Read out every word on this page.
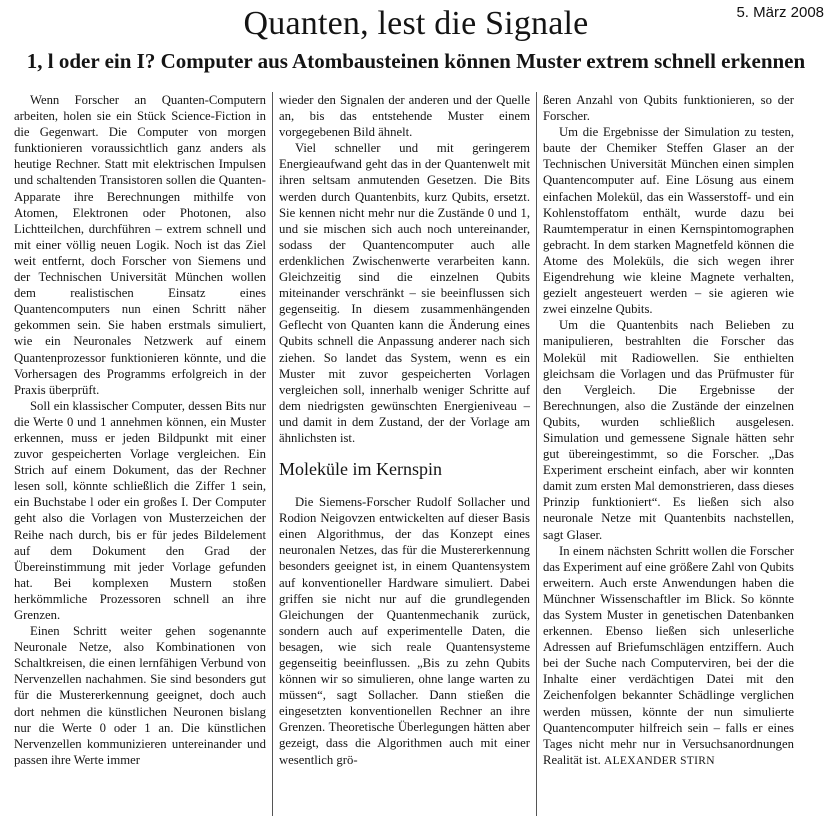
5. März 2008
Quanten, lest die Signale
1, l oder ein I? Computer aus Atombausteinen können Muster extrem schnell erkennen

Wenn Forscher an Quanten-Computern arbeiten, holen sie ein Stück Science-Fiction in die Gegenwart. Die Computer von morgen funktionieren voraussichtlich ganz anders als heutige Rechner. Statt mit elektrischen Impulsen und schaltenden Transistoren sollen die Quanten-Apparate ihre Berechnungen mithilfe von Atomen, Elektronen oder Photonen, also Lichtteilchen, durchführen – extrem schnell und mit einer völlig neuen Logik. Noch ist das Ziel weit entfernt, doch Forscher von Siemens und der Technischen Universität München wollen dem realistischen Einsatz eines Quantencomputers nun einen Schritt näher gekommen sein. Sie haben erstmals simuliert, wie ein Neuronales Netzwerk auf einem Quantenprozessor funktionieren könnte, und die Vorhersagen des Programms erfolgreich in der Praxis überprüft.

Soll ein klassischer Computer, dessen Bits nur die Werte 0 und 1 annehmen können, ein Muster erkennen, muss er jeden Bildpunkt mit einer zuvor gespeicherten Vorlage vergleichen. Ein Strich auf einem Dokument, das der Rechner lesen soll, könnte schließlich die Ziffer 1 sein, ein Buchstabe l oder ein großes I. Der Computer geht also die Vorlagen von Musterzeichen der Reihe nach durch, bis er für jedes Bildelement auf dem Dokument den Grad der Übereinstimmung mit jeder Vorlage gefunden hat. Bei komplexen Mustern stoßen herkömmliche Prozessoren schnell an ihre Grenzen.

Einen Schritt weiter gehen sogenannte Neuronale Netze, also Kombinationen von Schaltkreisen, die einen lernfähigen Verbund von Nervenzellen nachahmen. Sie sind besonders gut für die Mustererkennung geeignet, doch auch dort nehmen die künstlichen Neuronen bislang nur die Werte 0 oder 1 an. Die künstlichen Nervenzellen kommunizieren untereinander und passen ihre Werte immer

wieder den Signalen der anderen und der Quelle an, bis das entstehende Muster einem vorgegebenen Bild ähnelt.

Viel schneller und mit geringerem Energieaufwand geht das in der Quantenwelt mit ihren seltsam anmutenden Gesetzen. Die Bits werden durch Quantenbits, kurz Qubits, ersetzt. Sie kennen nicht mehr nur die Zustände 0 und 1, und sie mischen sich auch noch untereinander, sodass der Quantencomputer auch alle erdenklichen Zwischenwerte verarbeiten kann. Gleichzeitig sind die einzelnen Qubits miteinander verschränkt – sie beeinflussen sich gegenseitig. In diesem zusammenhängenden Geflecht von Quanten kann die Änderung eines Qubits schnell die Anpassung anderer nach sich ziehen. So landet das System, wenn es ein Muster mit zuvor gespeicherten Vorlagen vergleichen soll, innerhalb weniger Schritte auf dem niedrigsten gewünschten Energieniveau – und damit in dem Zustand, der der Vorlage am ähnlichsten ist.

Moleküle im Kernspin

Die Siemens-Forscher Rudolf Sollacher und Rodion Neigovzen entwickelten auf dieser Basis einen Algorithmus, der das Konzept eines neuronalen Netzes, das für die Mustererkennung besonders geeignet ist, in einem Quantensystem auf konventioneller Hardware simuliert. Dabei griffen sie nicht nur auf die grundlegenden Gleichungen der Quantenmechanik zurück, sondern auch auf experimentelle Daten, die besagen, wie sich reale Quantensysteme gegenseitig beeinflussen. „Bis zu zehn Qubits können wir so simulieren, ohne lange warten zu müssen“, sagt Sollacher. Dann stießen die eingesetzten konventionellen Rechner an ihre Grenzen. Theoretische Überlegungen hätten aber gezeigt, dass die Algorithmen auch mit einer wesentlich grö-

ßeren Anzahl von Qubits funktionieren, so der Forscher.

Um die Ergebnisse der Simulation zu testen, baute der Chemiker Steffen Glaser an der Technischen Universität München einen simplen Quantencomputer auf. Eine Lösung aus einem einfachen Molekül, das ein Wasserstoff- und ein Kohlenstoffatom enthält, wurde dazu bei Raumtemperatur in einen Kernspintomographen gebracht. In dem starken Magnetfeld können die Atome des Moleküls, die sich wegen ihrer Eigendrehung wie kleine Magnete verhalten, gezielt angesteuert werden – sie agieren wie zwei einzelne Qubits.

Um die Quantenbits nach Belieben zu manipulieren, bestrahlten die Forscher das Molekül mit Radiowellen. Sie enthielten gleichsam die Vorlagen und das Prüfmuster für den Vergleich. Die Ergebnisse der Berechnungen, also die Zustände der einzelnen Qubits, wurden schließlich ausgelesen. Simulation und gemessene Signale hätten sehr gut übereingestimmt, so die Forscher. „Das Experiment erscheint einfach, aber wir konnten damit zum ersten Mal demonstrieren, dass dieses Prinzip funktioniert“. Es ließen sich also neuronale Netze mit Quantenbits nachstellen, sagt Glaser.

In einem nächsten Schritt wollen die Forscher das Experiment auf eine größere Zahl von Qubits erweitern. Auch erste Anwendungen haben die Münchner Wissenschaftler im Blick. So könnte das System Muster in genetischen Datenbanken erkennen. Ebenso ließen sich unleserliche Adressen auf Briefumschlägen entziffern. Auch bei der Suche nach Computerviren, bei der die Inhalte einer verdächtigen Datei mit den Zeichenfolgen bekannter Schädlinge verglichen werden müssen, könnte der nun simulierte Quantencomputer hilfreich sein – falls er eines Tages nicht mehr nur in Versuchsanordnungen Realität ist. ALEXANDER STIRN
